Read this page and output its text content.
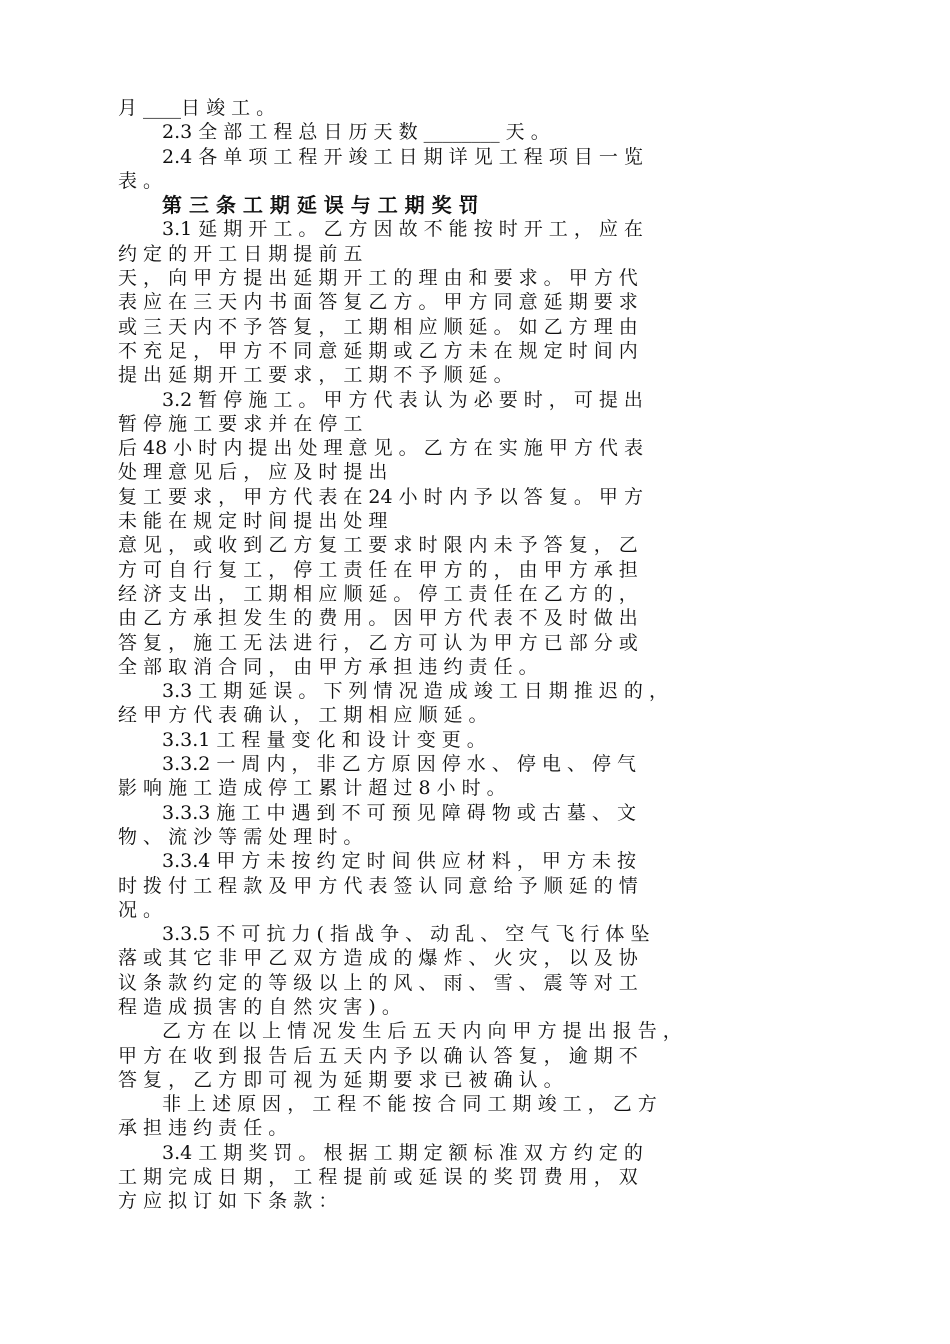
月 ____日 竣 工 。
2.3 全 部 工 程 总 日 历 天 数 ________ 天 。
2.4 各 单 项 工 程 开 竣 工 日 期 详 见 工 程 项 目 一 览
表 。
第 三 条 工 期 延 误 与 工 期 奖 罚
3.1 延 期 开 工 。 乙 方 因 故 不 能 按 时 开 工 ， 应 在
约 定 的 开 工 日 期 提 前 五
天 ， 向 甲 方 提 出 延 期 开 工 的 理 由 和 要 求 。 甲 方 代
表 应 在 三 天 内 书 面 答 复 乙 方 。 甲 方 同 意 延 期 要 求
或 三 天 内 不 予 答 复 ， 工 期 相 应 顺 延 。 如 乙 方 理 由
不 充 足 ， 甲 方 不 同 意 延 期 或 乙 方 未 在 规 定 时 间 内
提 出 延 期 开 工 要 求 ， 工 期 不 予 顺 延 。
3.2 暂 停 施 工 。 甲 方 代 表 认 为 必 要 时 ， 可 提 出
暂 停 施 工 要 求 并 在 停 工
后 48 小 时 内 提 出 处 理 意 见 。 乙 方 在 实 施 甲 方 代 表
处 理 意 见 后 ， 应 及 时 提 出
复 工 要 求 ， 甲 方 代 表 在 24 小 时 内 予 以 答 复 。 甲 方
未 能 在 规 定 时 间 提 出 处 理
意 见 ， 或 收 到 乙 方 复 工 要 求 时 限 内 未 予 答 复 ， 乙
方 可 自 行 复 工 ， 停 工 责 任 在 甲 方 的 ， 由 甲 方 承 担
经 济 支 出 ， 工 期 相 应 顺 延 。 停 工 责 任 在 乙 方 的 ，
由 乙 方 承 担 发 生 的 费 用 。 因 甲 方 代 表 不 及 时 做 出
答 复 ， 施 工 无 法 进 行 ， 乙 方 可 认 为 甲 方 已 部 分 或
全 部 取 消 合 同 ， 由 甲 方 承 担 违 约 责 任 。
3.3 工 期 延 误 。 下 列 情 况 造 成 竣 工 日 期 推 迟 的 ，
经 甲 方 代 表 确 认 ， 工 期 相 应 顺 延 。
3.3.1 工 程 量 变 化 和 设 计 变 更 。
3.3.2 一 周 内 ， 非 乙 方 原 因 停 水 、 停 电 、 停 气
影 响 施 工 造 成 停 工 累 计 超 过 8 小 时 。
3.3.3 施 工 中 遇 到 不 可 预 见 障 碍 物 或 古 墓 、 文
物 、 流 沙 等 需 处 理 时 。
3.3.4 甲 方 未 按 约 定 时 间 供 应 材 料 ， 甲 方 未 按
时 拨 付 工 程 款 及 甲 方 代 表 签 认 同 意 给 予 顺 延 的 情
况 。
3.3.5 不 可 抗 力 ( 指 战 争 、 动 乱 、 空 气 飞 行 体 坠
落 或 其 它 非 甲 乙 双 方 造 成 的 爆 炸 、 火 灾 ， 以 及 协
议 条 款 约 定 的 等 级 以 上 的 风 、 雨 、 雪 、 震 等 对 工
程 造 成 损 害 的 自 然 灾 害 ) 。
乙 方 在 以 上 情 况 发 生 后 五 天 内 向 甲 方 提 出 报 告 ，
甲 方 在 收 到 报 告 后 五 天 内 予 以 确 认 答 复 ， 逾 期 不
答 复 ， 乙 方 即 可 视 为 延 期 要 求 已 被 确 认 。
非 上 述 原 因 ， 工 程 不 能 按 合 同 工 期 竣 工 ， 乙 方
承 担 违 约 责 任 。
3.4 工 期 奖 罚 。 根 据 工 期 定 额 标 准 双 方 约 定 的
工 期 完 成 日 期 ， 工 程 提 前 或 延 误 的 奖 罚 费 用 ， 双
方 应 拟 订 如 下 条 款 ：
